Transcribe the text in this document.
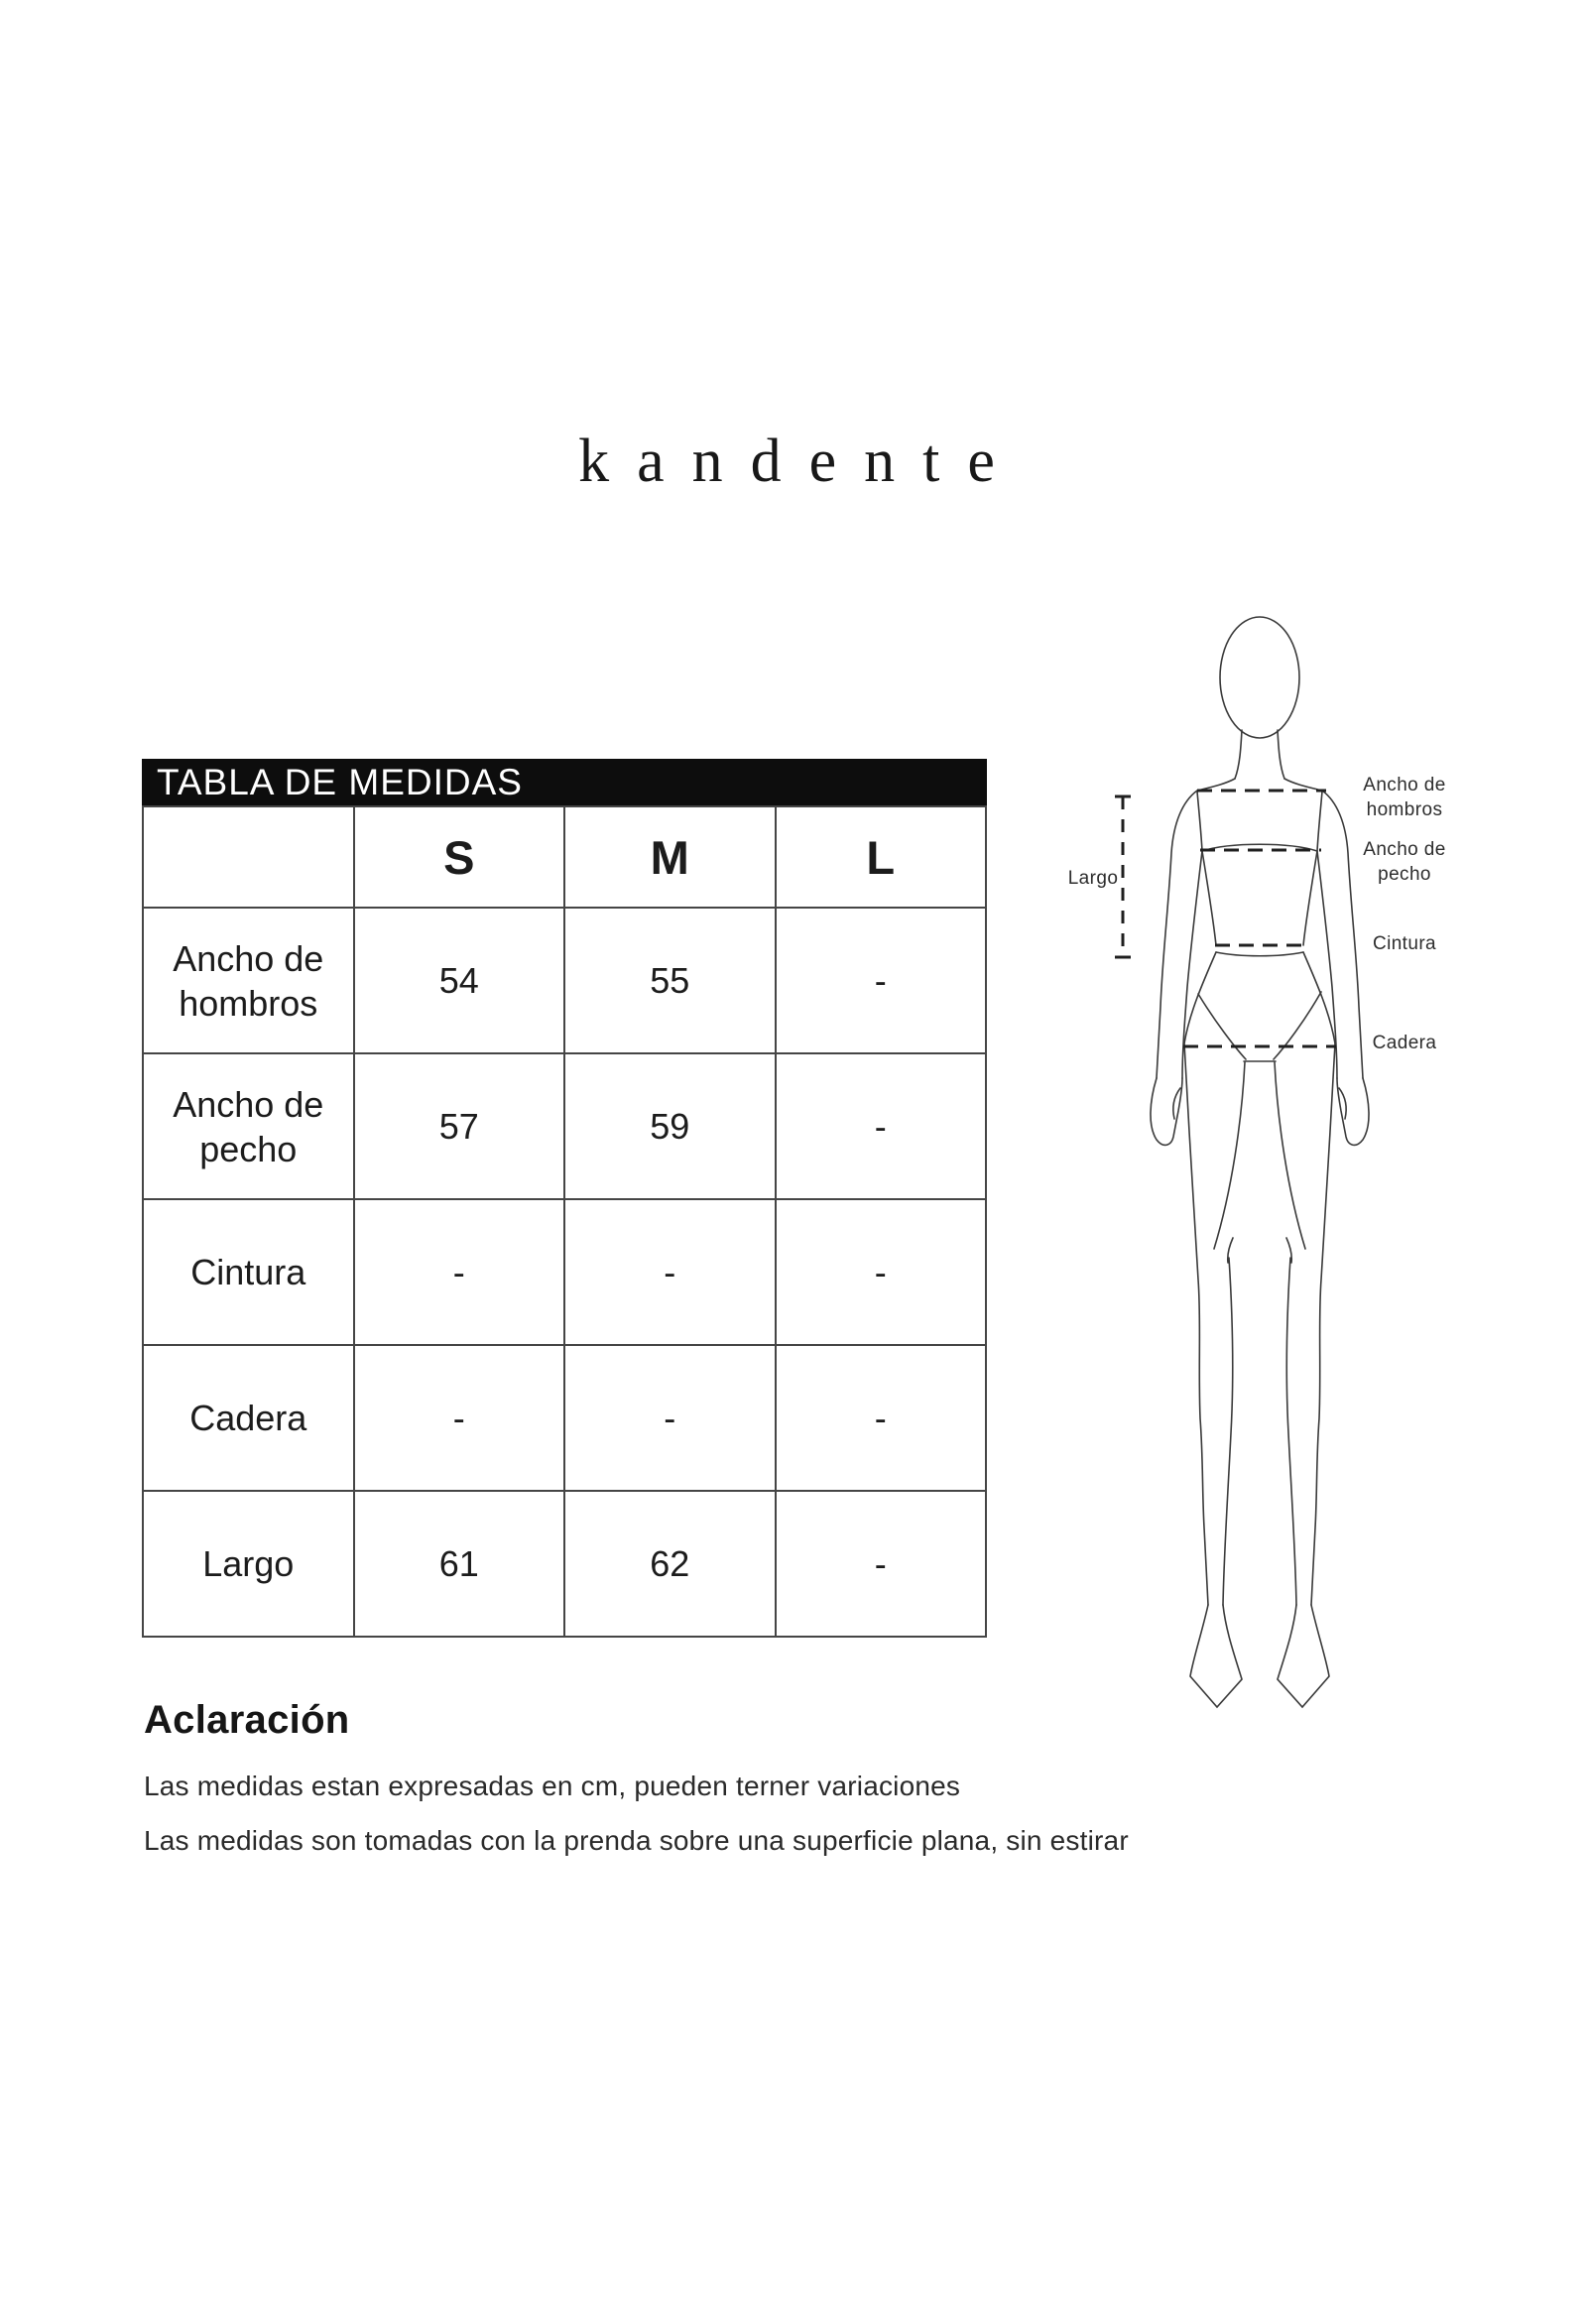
kandente
TABLA DE MEDIDAS
	S	M	L
Ancho de hombros	54	55	-
Ancho de pecho	57	59	-
Cintura	-	-	-
Cadera	-	-	-
Largo	61	62	-
Ancho de hombros
Ancho de pecho
Cintura
Cadera
Largo
Aclaración

Las medidas estan expresadas en cm, pueden terner variaciones

Las medidas son tomadas con la prenda sobre una superficie plana, sin estirar
